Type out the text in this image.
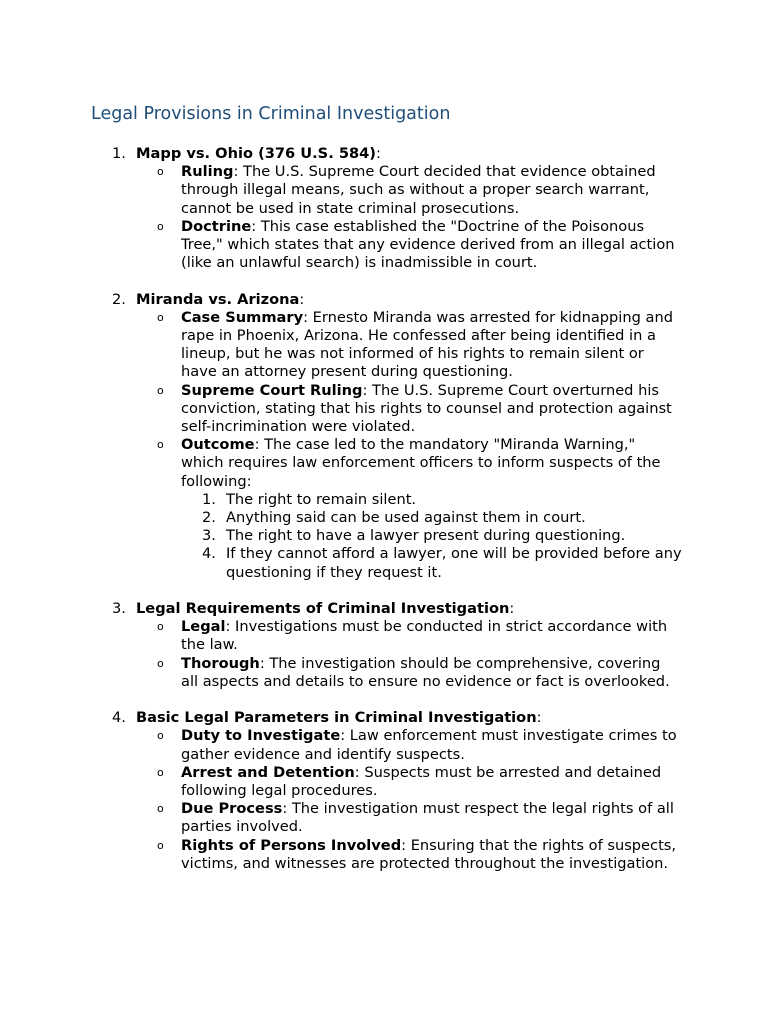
Legal Provisions in Criminal Investigation
1. Mapp vs. Ohio (376 U.S. 584):
o Ruling: The U.S. Supreme Court decided that evidence obtained through illegal means, such as without a proper search warrant, cannot be used in state criminal prosecutions.
o Doctrine: This case established the "Doctrine of the Poisonous Tree," which states that any evidence derived from an illegal action (like an unlawful search) is inadmissible in court.
2. Miranda vs. Arizona:
o Case Summary: Ernesto Miranda was arrested for kidnapping and rape in Phoenix, Arizona. He confessed after being identified in a lineup, but he was not informed of his rights to remain silent or have an attorney present during questioning.
o Supreme Court Ruling: The U.S. Supreme Court overturned his conviction, stating that his rights to counsel and protection against self-incrimination were violated.
o Outcome: The case led to the mandatory "Miranda Warning," which requires law enforcement officers to inform suspects of the following:
1. The right to remain silent.
2. Anything said can be used against them in court.
3. The right to have a lawyer present during questioning.
4. If they cannot afford a lawyer, one will be provided before any questioning if they request it.
3. Legal Requirements of Criminal Investigation:
o Legal: Investigations must be conducted in strict accordance with the law.
o Thorough: The investigation should be comprehensive, covering all aspects and details to ensure no evidence or fact is overlooked.
4. Basic Legal Parameters in Criminal Investigation:
o Duty to Investigate: Law enforcement must investigate crimes to gather evidence and identify suspects.
o Arrest and Detention: Suspects must be arrested and detained following legal procedures.
o Due Process: The investigation must respect the legal rights of all parties involved.
o Rights of Persons Involved: Ensuring that the rights of suspects, victims, and witnesses are protected throughout the investigation.
